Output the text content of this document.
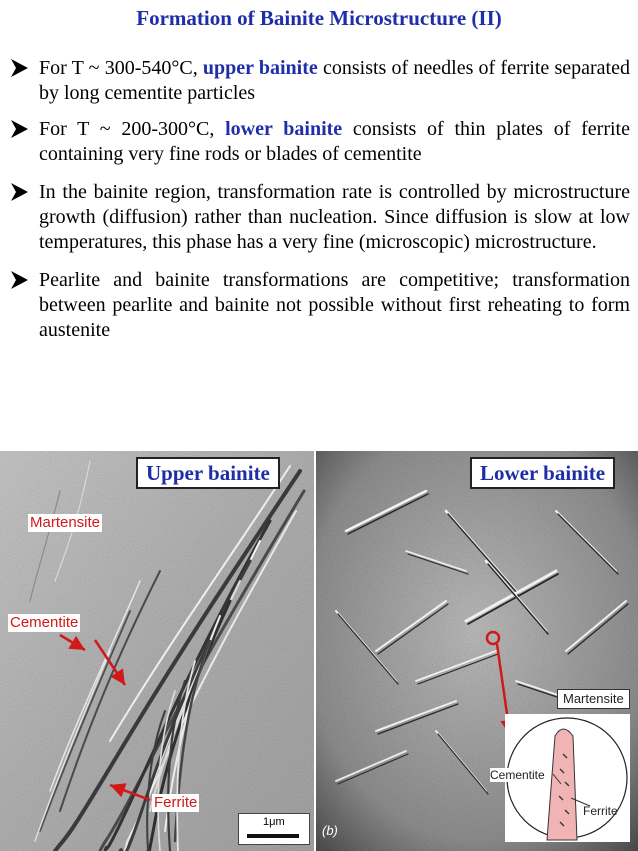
Formation of Bainite Microstructure (II)
For T ~ 300-540°C, upper bainite consists of needles of ferrite separated by long cementite particles
For T ~ 200-300°C, lower bainite consists of thin plates of ferrite containing very fine rods or blades of cementite
In the bainite region, transformation rate is controlled by microstructure growth (diffusion) rather than nucleation. Since diffusion is slow at low temperatures, this phase has a very fine (microscopic) microstructure.
Pearlite and bainite transformations are competitive; transformation between pearlite and bainite not possible without first reheating to form austenite
Upper bainite	Lower bainite
Martensite
Cementite
Ferrite
1μm
(b)
Martensite
Cementite
Ferrite
